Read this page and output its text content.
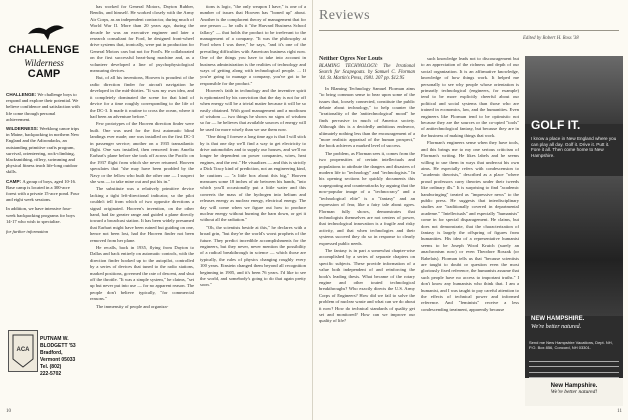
CHALLENGE
Wilderness
CAMP

CHALLENGE: We challenge boys to respond and explore their potential. We believe confidence and satisfaction with life come through personal achievement.

WILDERNESS: Weeklong canoe trips in Maine, backpacking in northern New England and the Adirondacks, an outstanding primitive crafts program, survival, orienteering, rock-climbing, blacksmithing, riflery, swimming and physical fitness teach life-long outdoor skills.

CAMP: A group of boys, aged 10-16. Base camp is located in a 300-acre forest with a private 15-acre pond. Four and eight week sessions.

In addition, we have intensive four-week backpacking programs for boys 14-17 who wish to specialize.

for further information
ACA
PUTNAM W.
BLODGETT '53
Bradford,
Vermont 05033
Tel. (802)
222-5702

has worked for General Motors, Dayton Rubber, Bendix, and himself. He worked closely with the Army Air Corps, as an independent contractor, during much of World War II. More than 20 years ago, during the decade he was an executive engineer and later a research consultant for Ford, he designed front-wheel drive systems that, ironically, were put in production for General Motors cars but not for Ford's. He collaborated on the first successful heart-lung machine and, as a volunteer developed a line of psychophysiological measuring devices.

But, of all his inventions, Hooven is proudest of the radio direction finder for aircraft navigation he developed in the mid-thirties. "It was my own idea, and it completely dominated the scene for that kind of device for a time roughly corresponding to the life of the DC-3. It made it routine to cross the ocean, where it had been an adventure before."

Few prototypes of the Hooven direction finder were built. One was used for the first automatic blind landings ever made; one was installed on the first DC-3 in passenger service; another on a 1935 transatlantic flight. One was installed, then removed from Amelia Earhart's plane before she took off across the Pacific on the 1937 flight from which she never returned. Hooven speculates that "she may have been prodded by the Navy or the fellow who built the other one — I suspect she was — to take mine out and put his in."

The substitute was a relatively primitive device lacking a tight left-directional indicator, so the pilot couldn't tell from which of two opposite directions a signal originated. Hooven's invention, on the other hand, had far greater range and guided a plane directly toward a broadcast station. It has been widely presumed that Earhart might have been ruined but guiding on one, hence not been lost, had the Hooven finder not been removed from her plane.

He recalls, back in 1935, flying from Dayton to Dallas and back entirely on automatic controls, with the direction finder hooked up to the autopilot, controlled by a series of devices that tuned to the radio stations, marked positions, governed the rate of descent, and shut off the throttle. "It was a simple system," he claims, "set up but never put into use — for no apparent reason. The people don't believe typically, "for commercial reasons."

The immensity of people and organiza-

tions is logic, "the only weapon I have," is one of a number of issues that Hooven has "boned up" about. Another is the complacent theory of management that for one person — he calls it "the Harvard Business School fallacy" — that holds the product to be irrelevant to the management of a company. "It was the philosophy at Ford when I was there," he says, "and it's one of the prevailing difficulties with American business right now. One of the things you have to take into account in business administration is the realities of technology and ways of getting along with technological people. ... If you're going to manage a company, you've got to be responsible for the product."

Hooven's faith in technology and the inventive spirit is epitomized by his conviction that the day is not far off when energy will be a trivial matter because it will be so easily obtained. With good management and a modicum of wisdom — two things he shows no signs of wisdom so far — he believes that available sources of energy will be used far more wisely than we use them now.

"One thing I foresee a long time ago is that I will stick by is that one day we'll find a way to get electricity to drive automobiles and to supply our houses, and we'll no longer be dependent on power companies, wires, heat engines, and the rest." He visualizes — and this is strictly a Dick Tracy kind of prediction, not an engineering kind, he cautions — "a little box about this big," Hooven measures some 18 inches of air between his hands, "into which you'll occasionally put a little water and this converts the mass of the hydrogen into helium and releases energy as nuclear energy, electrical energy. The day will come when we figure out how to produce nuclear energy without burning the barn down, or get it without all the radiation."

"Oh, the scientists beside at this," he declares with a broad grin, "but they're the world's worst prophets of the future. They predict incredible accomplishments for the engineers, but they never, never mention the possibility of a radical breakthrough in science — which those are typically, the rules of physics changing roughly every 100 years. Einstein changed them beyond all recognition beginning in 1905, and it's been 76 years. I'd like to see the world, and somebody's going to do that again pretty soon."

10
Reviews
Edited by Robert H. Ross '38

Neither Ogres Nor Louts

BLAMING TECHNOLOGY: The Irrational Search for Scapegoats. by Samuel C. Florman '44. St. Martin's Press, 1981. 207 pp. $12.95

In Blaming Technology Samuel Florman aims "to bring common sense to bear upon some of the issues that, loosely connected, constitute the public debate about technology," to help counter the "irrationality of the 'antitechnological' mood" he finds pervasive in much of America society. Although this is a decidedly ambitious endeavor, ultimately nothing less than the encouragement of a "more realistic appraisal of the human prospect," the book achieves a marked level of success.

The problem, as Florman sees it, comes from the two propensities of certain intellectuals and populations to attribute the dangers and disasters of modern life to "technology" and "technologists." In his opening sections he quickly documents this scapegoating and counterattacks by arguing that the now-popular image of a "technocracy" and a "technological elite" is a "fantasy" and an expression of fear, like a fairy tale about ogres. Florman fully shows, demonstrates that technologists themselves are not centers of power, that technological innovation is a fragile and risky activity, and that when technologies and their systems succeed they do so in response to clearly expressed public needs.

The fantasy is in part a somewhat chapter-wise accomplished by a series of separate chapters on specific subjects. These provide information of a value both independent of and reinforcing the book's leading thesis. What became of the rotary engine and other touted technological breakthroughs? Who exactly directs the U.S. Army Corps of Engineers? How did we fail to solve the problem of nuclear waste and what can we do about it now? How do technical standards of quality get set and monitored? How can we improve our quality of life?

such knowledge leads not to discouragement but to an appreciation of the richness and depth of our social organization. It is an affirmative knowledge, knowledge of how things work. It helped me personally to see why people whose orientation is primarily technological (engineers, for example) tend to be more explicitly cheerful about our political and social systems than those who are trained in economics, law, and the humanities. Even engineers like Florman tend to be optimistic not because they are the sources or the co-opted "tools" of antitechnological fantasy, but because they are in the business of making things that work.

Florman's engineers sense when they have tools, and this brings me to my one serious criticism of Florman's writing. He likes labels and he seems willing to use them in ways that undercut his own aims. He especially refers with condescension to "academic theorists," described as a place "where proud professors carry theories under their tweeds like ordinary ills." It is surprising to find "academic handwringing" treated as "impressive news" to the public press. He suggests that interdisciplinary studies are "traditionally covered in departmental academe." "Intellectuals" and especially "humanists" come in for special disparagement. He claims, but does not demonstrate, that the characterization of fantasy is largely the offspring of figures from humanities. His idea of a representative humanist seems to be Joseph Wood Krutch (surely an anachronism now) or even Theodore Roszak (or Rabelais). Florman tells us that "because scientists are taught to doubt or question even the most gloriously fixed reference, the humanists assume that such people have no access to important truths." I don't know any humanists who think that. I am a humanist, and I was taught to pay careful attention to the effects of technical power and informed reference. And "feminists" receive a less condescending treatment, apparently because

GOLF IT.
I know a place in New England where you can play all day. Golf it. Drive it. Putt it. Fore it all. Then come home to New Hampshire.
NEW HAMPSHIRE.
We're better natured.
Send me New Hampshire Vacations, Dept. NH, P.O. Box 856, Concord, NH 03301.
New Hampshire.
We're better natured!
11
